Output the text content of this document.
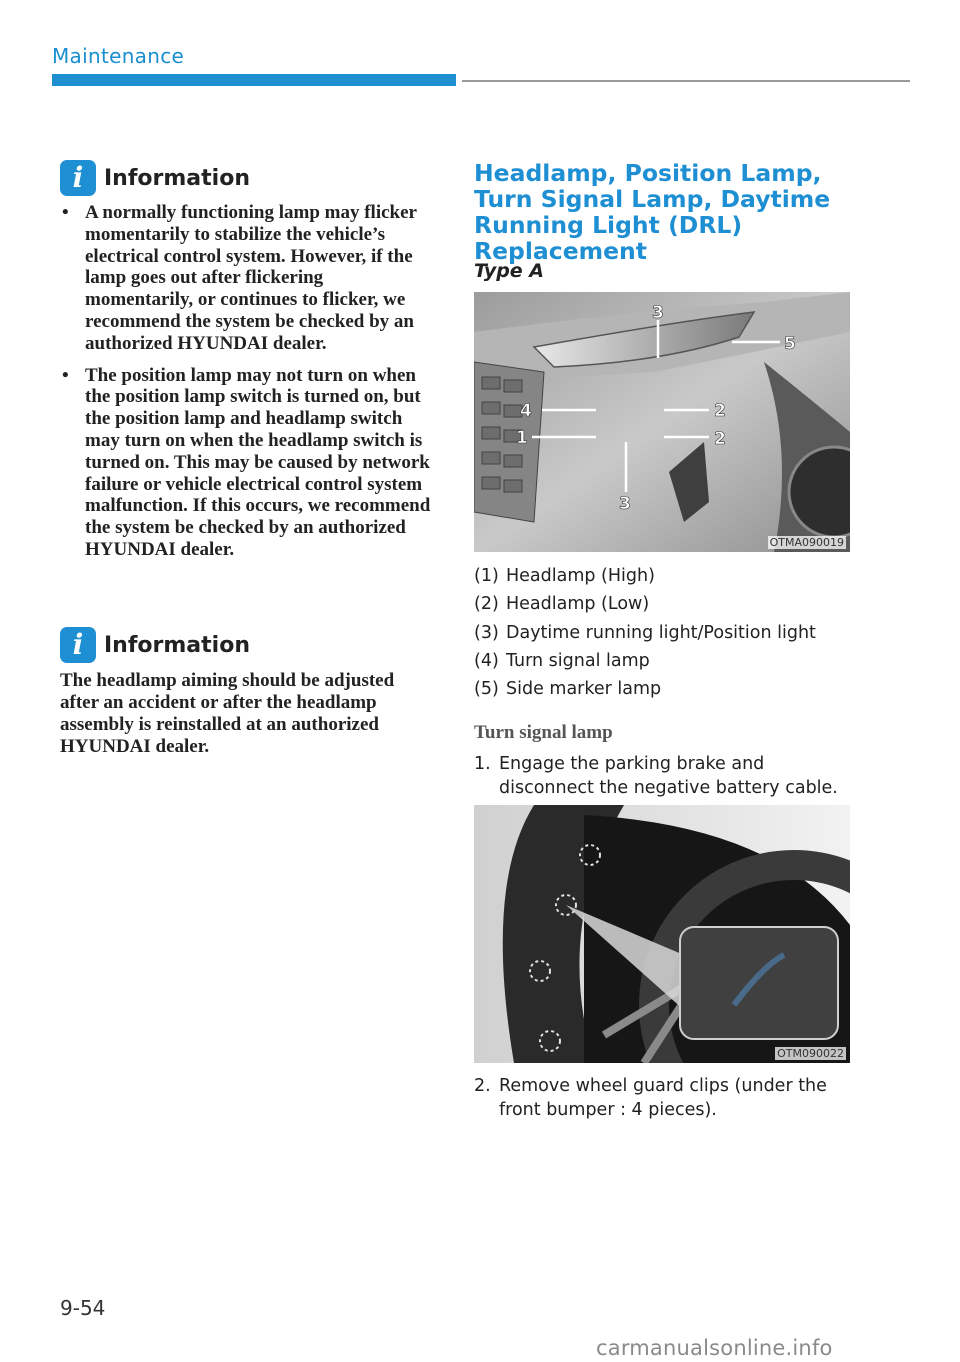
Maintenance
i Information
• A normally functioning lamp may flicker momentarily to stabilize the vehicle’s electrical control system. However, if the lamp goes out after flickering momentarily, or continues to flicker, we recommend the system be checked by an authorized HYUNDAI dealer.
• The position lamp may not turn on when the position lamp switch is turned on, but the position lamp and headlamp switch may turn on when the headlamp switch is turned on. This may be caused by network failure or vehicle electrical control system malfunction. If this occurs, we recommend the system be checked by an authorized HYUNDAI dealer.
i Information

The headlamp aiming should be adjusted after an accident or after the headlamp assembly is reinstalled at an authorized HYUNDAI dealer.

Headlamp, Position Lamp, Turn Signal Lamp, Daytime Running Light (DRL) Replacement
Type A
3
5
4	2
1	2
3
OTMA090019
(1) Headlamp (High)
(2) Headlamp (Low)
(3) Daytime running light/Position light
(4) Turn signal lamp
(5) Side marker lamp
Turn signal lamp
1. Engage the parking brake and disconnect the negative battery cable.
OTM090022
2. Remove wheel guard clips (under the front bumper : 4 pieces).
9-54
carmanualsonline.info
